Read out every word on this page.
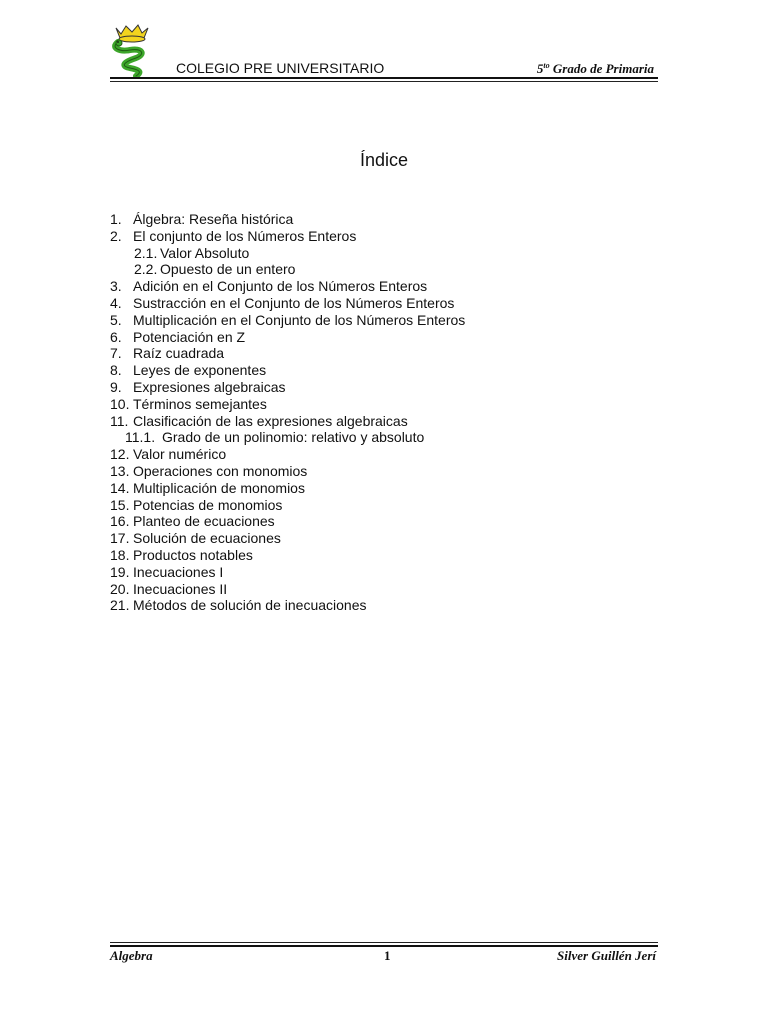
COLEGIO PRE UNIVERSITARIO	$5^{to}$ Grado de Primaria
Índice
1. Álgebra: Reseña histórica
2. El conjunto de los Números Enteros
2.1. Valor Absoluto
2.2. Opuesto de un entero
3. Adición en el Conjunto de los Números Enteros
4. Sustracción en el Conjunto de los Números Enteros
5. Multiplicación en el Conjunto de los Números Enteros
6. Potenciación en Z
7. Raíz cuadrada
8. Leyes de exponentes
9. Expresiones algebraicas
10. Términos semejantes
11. Clasificación de las expresiones algebraicas
11.1. Grado de un polinomio: relativo y absoluto
12. Valor numérico
13. Operaciones con monomios
14. Multiplicación de monomios
15. Potencias de monomios
16. Planteo de ecuaciones
17. Solución de ecuaciones
18. Productos notables
19. Inecuaciones I
20. Inecuaciones II
21. Métodos de solución de inecuaciones
Algebra	1	Silver Guillén Jerí
